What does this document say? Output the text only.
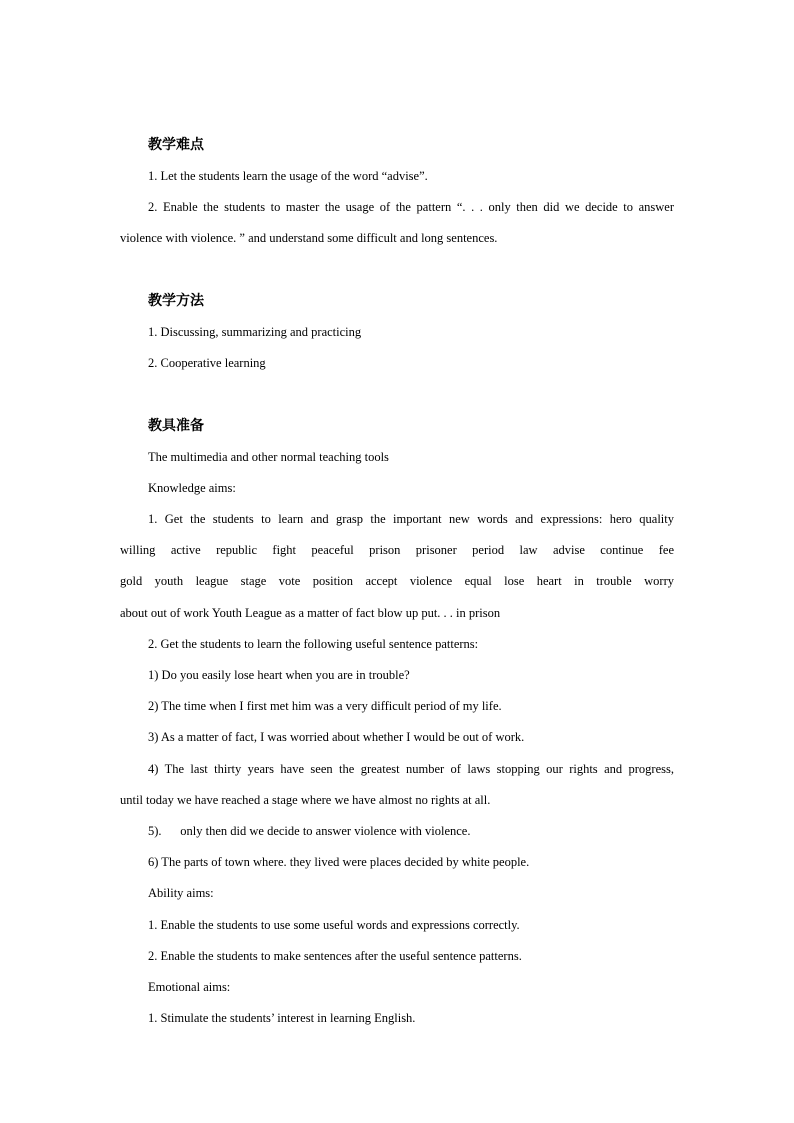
教学难点
1. Let the students learn the usage of the word “advise”.
2. Enable the students to master the usage of the pattern “. . . only then did we decide to answer
violence with violence. ” and understand some difficult and long sentences.
教学方法
1. Discussing, summarizing and practicing
2. Cooperative learning
教具准备
The multimedia and other normal teaching tools
Knowledge aims:
1. Get the students to learn and grasp the important new words and expressions: hero quality
willing active republic fight peaceful prison prisoner period law advise continue fee
gold youth league stage vote position accept violence equal lose heart in trouble worry
about out of work Youth League as a matter of fact blow up put. . . in prison
2. Get the students to learn the following useful sentence patterns:
1) Do you easily lose heart when you are in trouble?
2) The time when I first met him was a very difficult period of my life.
3) As a matter of fact, I was worried about whether I would be out of work.
4) The last thirty years have seen the greatest number of laws stopping our rights and progress,
until today we have reached a stage where we have almost no rights at all.
5).      only then did we decide to answer violence with violence.
6) The parts of town where. they lived were places decided by white people.
Ability aims:
1. Enable the students to use some useful words and expressions correctly.
2. Enable the students to make sentences after the useful sentence patterns.
Emotional aims:
1. Stimulate the students’ interest in learning English.
